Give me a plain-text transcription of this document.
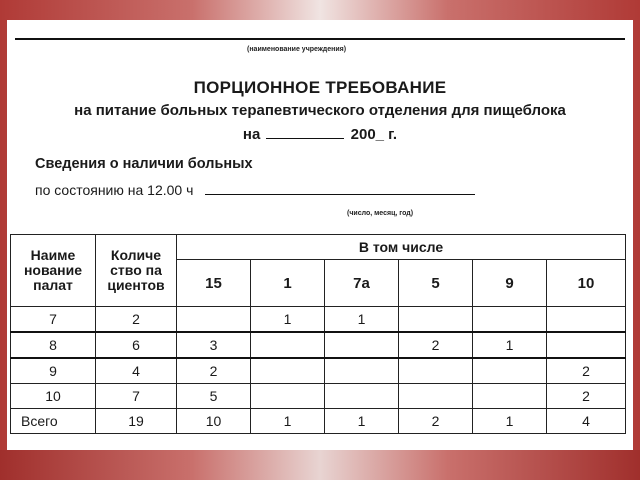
(наименование учреждения)
ПОРЦИОННОЕ ТРЕБОВАНИЕ
на питание больных терапевтического отделения для пищеблока
на	200_ г.
Сведения о наличии больных
по состоянию на 12.00 ч
(число, месяц, год)
Наиме нование палат	Количе ство па циентов	В том числе					
		15	1	7а	5	9	10
7	2		1	1			
8	6	3			2	1	
9	4	2					2
10	7	5					2
Всего	19	10	1	1	2	1	4
